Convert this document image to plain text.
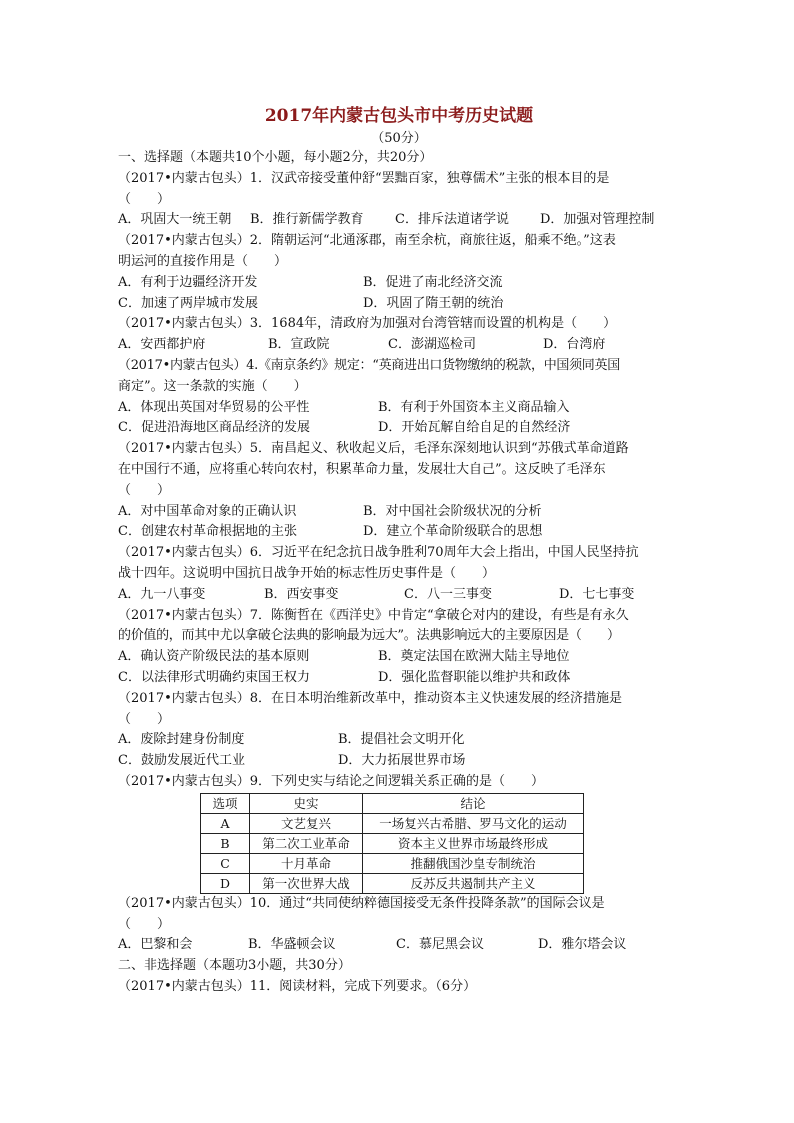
2017年内蒙古包头市中考历史试题
（50分）
一、选择题（本题共10个小题，每小题2分，共20分）
（2017•内蒙古包头）1．汉武帝接受董仲舒“罢黜百家，独尊儒术”主张的根本目的是
（　　）
A．巩固大一统王朝	B．推行新儒学教育	C．排斥法道诸学说	D．加强对管理控制
（2017•内蒙古包头）2．隋朝运河“北通涿郡，南至余杭，商旅往返，船乘不绝。”这表
明运河的直接作用是（　　）
A．有利于边疆经济开发	B．促进了南北经济交流
C．加速了两岸城市发展	D．巩固了隋王朝的统治
（2017•内蒙古包头）3．1684年，清政府为加强对台湾管辖而设置的机构是（　　）
A．安西都护府	B．宣政院	C．澎湖巡检司	D．台湾府
（2017•内蒙古包头）4.《南京条约》规定：“英商进出口货物缴纳的税款，中国须同英国
商定”。这一条款的实施（　　）
A．体现出英国对华贸易的公平性	B．有利于外国资本主义商品输入
C．促进沿海地区商品经济的发展	D．开始瓦解自给自足的自然经济
（2017•内蒙古包头）5．南昌起义、秋收起义后，毛泽东深刻地认识到“苏俄式革命道路
在中国行不通，应将重心转向农村，积累革命力量，发展壮大自己”。这反映了毛泽东
（　　）
A．对中国革命对象的正确认识	B．对中国社会阶级状况的分析
C．创建农村革命根据地的主张	D．建立个革命阶级联合的思想
（2017•内蒙古包头）6．习近平在纪念抗日战争胜利70周年大会上指出，中国人民坚持抗
战十四年。这说明中国抗日战争开始的标志性历史事件是（　　）
A．九一八事变	B．西安事变	C．八一三事变	D．七七事变
（2017•内蒙古包头）7．陈衡哲在《西洋史》中肯定“拿破仑对内的建设，有些是有永久
的价值的，而其中尤以拿破仑法典的影响最为远大”。法典影响远大的主要原因是（　　）
A．确认资产阶级民法的基本原则	B．奠定法国在欧洲大陆主导地位
C．以法律形式明确约束国王权力	D．强化监督职能以维护共和政体
（2017•内蒙古包头）8．在日本明治维新改革中，推动资本主义快速发展的经济措施是
（　　）
A．废除封建身份制度	B．提倡社会文明开化
C．鼓励发展近代工业	D．大力拓展世界市场
（2017•内蒙古包头）9．下列史实与结论之间逻辑关系正确的是（　　）
选项	史实	结论
A	文艺复兴	一场复兴古希腊、罗马文化的运动
B	第二次工业革命	资本主义世界市场最终形成
C	十月革命	推翻俄国沙皇专制统治
D	第一次世界大战	反苏反共遏制共产主义
（2017•内蒙古包头）10．通过“共同使纳粹德国接受无条件投降条款”的国际会议是
（　　）
A．巴黎和会	B．华盛顿会议	C．慕尼黑会议	D．雅尔塔会议
二、非选择题（本题功3小题，共30分）
（2017•内蒙古包头）11．阅读材料，完成下列要求。（6分）
